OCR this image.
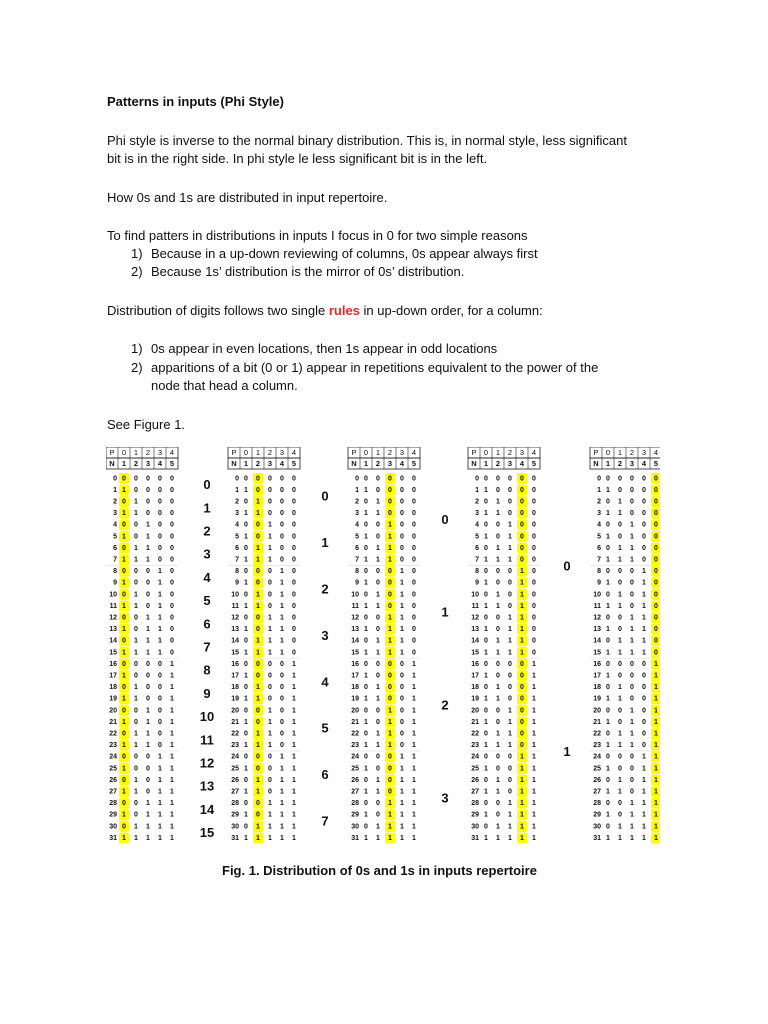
Patterns in inputs (Phi Style)
Phi style is inverse to the normal binary distribution. This is, in normal style, less significant
bit is in the right side. In phi style le less significant bit is in the left.
How 0s and 1s are distributed in input repertoire.
To find patters in distributions in inputs I focus in 0 for two simple reasons
1) Because in a up-down reviewing of columns, 0s appear always first
2) Because 1s’ distribution is the mirror of 0s’ distribution.
Distribution of digits follows two single rules in up-down order, for a column:
1) 0s appear in even locations, then 1s appear in odd locations
2) apparitions of a bit (0 or 1) appear in repetitions equivalent to the power of the
node that head a column.
See Figure 1.
P 0 1 2 3 4
N 1 2 3 4 5
0 0 0 0 0 0
1 1 0 0 0 0
2 0 1 0 0 0
3 1 1 0 0 0
4 0 0 1 0 0
5 1 0 1 0 0
6 0 1 1 0 0
7 1 1 1 0 0
8 0 0 0 1 0
9 1 0 0 1 0
10 0 1 0 1 0
11 1 1 0 1 0
12 0 0 1 1 0
13 1 0 1 1 0
14 0 1 1 1 0
15 1 1 1 1 0
16 0 0 0 0 1
17 1 0 0 0 1
18 0 1 0 0 1
19 1 1 0 0 1
20 0 0 1 0 1
21 1 0 1 0 1
22 0 1 1 0 1
23 1 1 1 0 1
24 0 0 0 1 1
25 1 0 0 1 1
26 0 1 0 1 1
27 1 1 0 1 1
28 0 0 1 1 1
29 1 0 1 1 1
30 0 1 1 1 1
31 1 1 1 1 1
0
1
2
3
4
5
6
7
8
9
10
11
12
13
14
15
P 0 1 2 3 4
N 1 2 3 4 5
0 0 0 0 0 0
1 1 0 0 0 0
2 0 1 0 0 0
3 1 1 0 0 0
4 0 0 1 0 0
5 1 0 1 0 0
6 0 1 1 0 0
7 1 1 1 0 0
8 0 0 0 1 0
9 1 0 0 1 0
10 0 1 0 1 0
11 1 1 0 1 0
12 0 0 1 1 0
13 1 0 1 1 0
14 0 1 1 1 0
15 1 1 1 1 0
16 0 0 0 0 1
17 1 0 0 0 1
18 0 1 0 0 1
19 1 1 0 0 1
20 0 0 1 0 1
21 1 0 1 0 1
22 0 1 1 0 1
23 1 1 1 0 1
24 0 0 0 1 1
25 1 0 0 1 1
26 0 1 0 1 1
27 1 1 0 1 1
28 0 0 1 1 1
29 1 0 1 1 1
30 0 1 1 1 1
31 1 1 1 1 1
0
1
2
3
4
5
6
7
P 0 1 2 3 4
N 1 2 3 4 5
0 0 0 0 0 0
1 1 0 0 0 0
2 0 1 0 0 0
3 1 1 0 0 0
4 0 0 1 0 0
5 1 0 1 0 0
6 0 1 1 0 0
7 1 1 1 0 0
8 0 0 0 1 0
9 1 0 0 1 0
10 0 1 0 1 0
11 1 1 0 1 0
12 0 0 1 1 0
13 1 0 1 1 0
14 0 1 1 1 0
15 1 1 1 1 0
16 0 0 0 0 1
17 1 0 0 0 1
18 0 1 0 0 1
19 1 1 0 0 1
20 0 0 1 0 1
21 1 0 1 0 1
22 0 1 1 0 1
23 1 1 1 0 1
24 0 0 0 1 1
25 1 0 0 1 1
26 0 1 0 1 1
27 1 1 0 1 1
28 0 0 1 1 1
29 1 0 1 1 1
30 0 1 1 1 1
31 1 1 1 1 1
0
1
2
3
P 0 1 2 3 4
N 1 2 3 4 5
0 0 0 0 0 0
1 1 0 0 0 0
2 0 1 0 0 0
3 1 1 0 0 0
4 0 0 1 0 0
5 1 0 1 0 0
6 0 1 1 0 0
7 1 1 1 0 0
8 0 0 0 1 0
9 1 0 0 1 0
10 0 1 0 1 0
11 1 1 0 1 0
12 0 0 1 1 0
13 1 0 1 1 0
14 0 1 1 1 0
15 1 1 1 1 0
16 0 0 0 0 1
17 1 0 0 0 1
18 0 1 0 0 1
19 1 1 0 0 1
20 0 0 1 0 1
21 1 0 1 0 1
22 0 1 1 0 1
23 1 1 1 0 1
24 0 0 0 1 1
25 1 0 0 1 1
26 0 1 0 1 1
27 1 1 0 1 1
28 0 0 1 1 1
29 1 0 1 1 1
30 0 1 1 1 1
31 1 1 1 1 1
0
1
P 0 1 2 3 4
N 1 2 3 4 5
0 0 0 0 0 0
1 1 0 0 0 0
2 0 1 0 0 0
3 1 1 0 0 0
4 0 0 1 0 0
5 1 0 1 0 0
6 0 1 1 0 0
7 1 1 1 0 0
8 0 0 0 1 0
9 1 0 0 1 0
10 0 1 0 1 0
11 1 1 0 1 0
12 0 0 1 1 0
13 1 0 1 1 0
14 0 1 1 1 0
15 1 1 1 1 0
16 0 0 0 0 1
17 1 0 0 0 1
18 0 1 0 0 1
19 1 1 0 0 1
20 0 0 1 0 1
21 1 0 1 0 1
22 0 1 1 0 1
23 1 1 1 0 1
24 0 0 0 1 1
25 1 0 0 1 1
26 0 1 0 1 1
27 1 1 0 1 1
28 0 0 1 1 1
29 1 0 1 1 1
30 0 1 1 1 1
31 1 1 1 1 1
Fig. 1. Distribution of 0s and 1s in inputs repertoire
